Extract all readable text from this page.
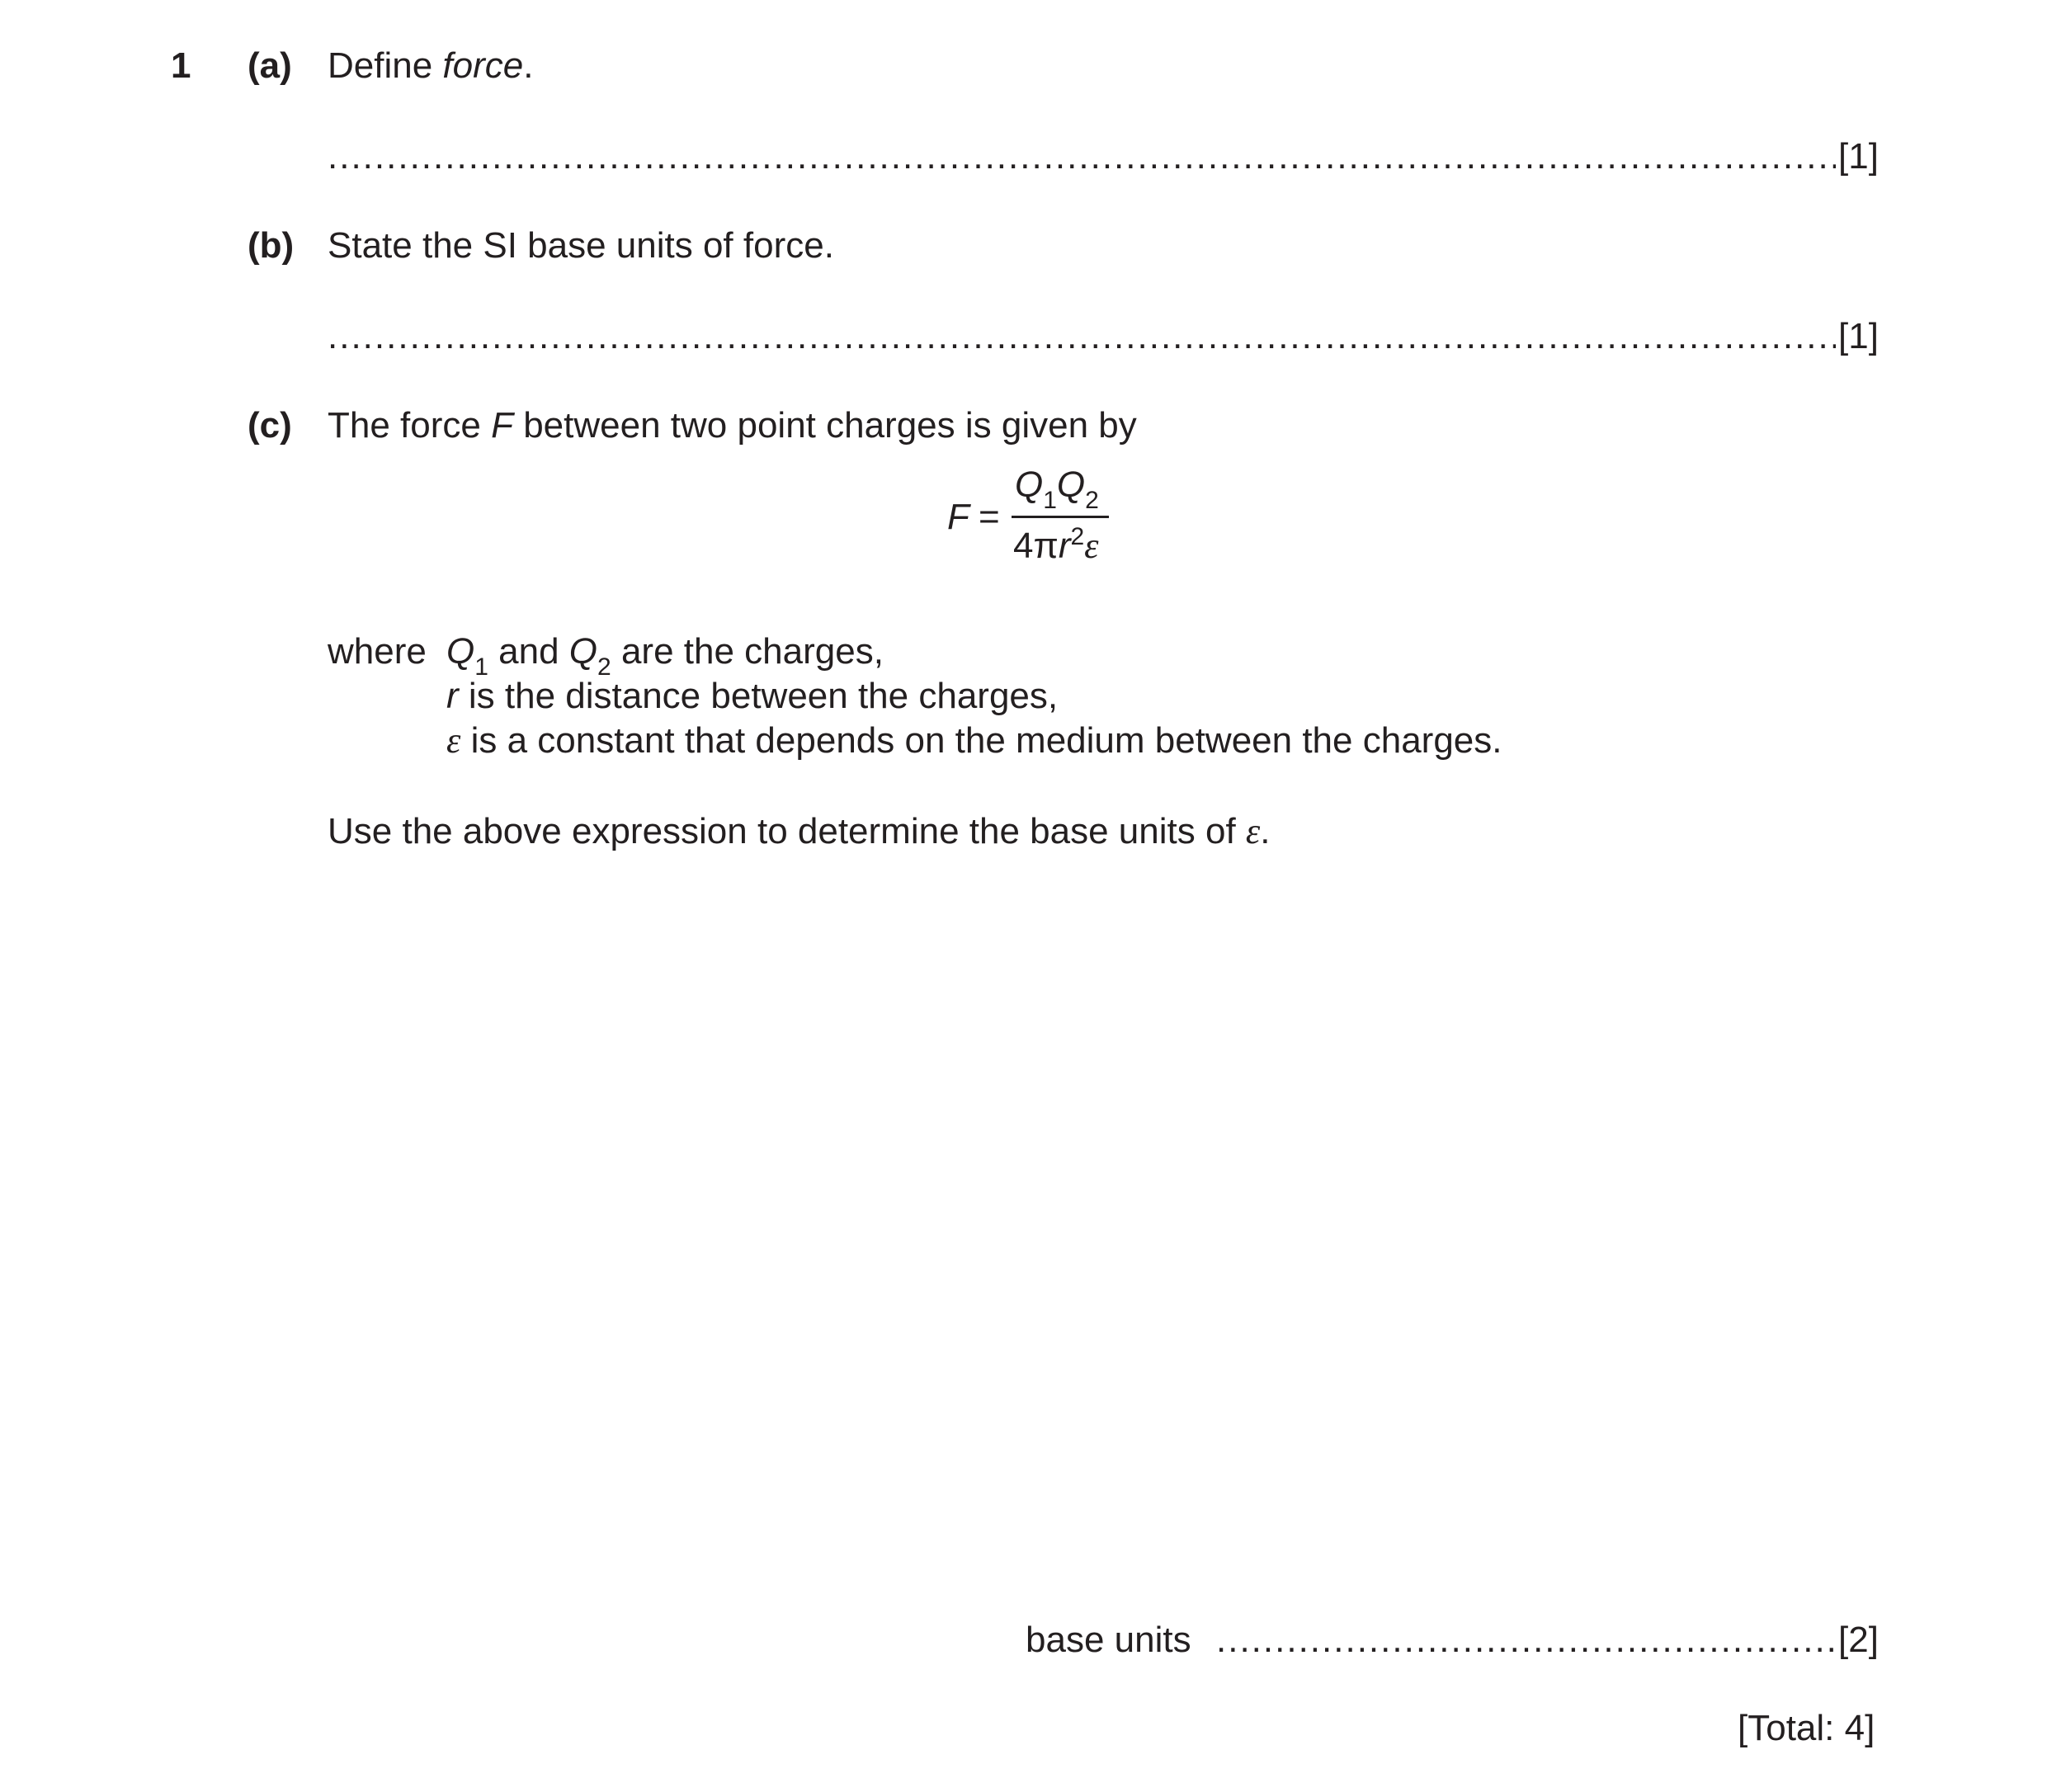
1 (a) Define force.
.....
[1]
(b) State the SI base units of force.
.....
[1]
(c) The force F between two point charges is given by
F =
$Q_1Q_2$
$4\pi r^2\varepsilon$
where $Q_1$ and $Q_2$ are the charges,
r is the distance between the charges,
ε is a constant that depends on the medium between the charges.
Use the above expression to determine the base units of ε.
base units
.....	[2]
[Total: 4]
